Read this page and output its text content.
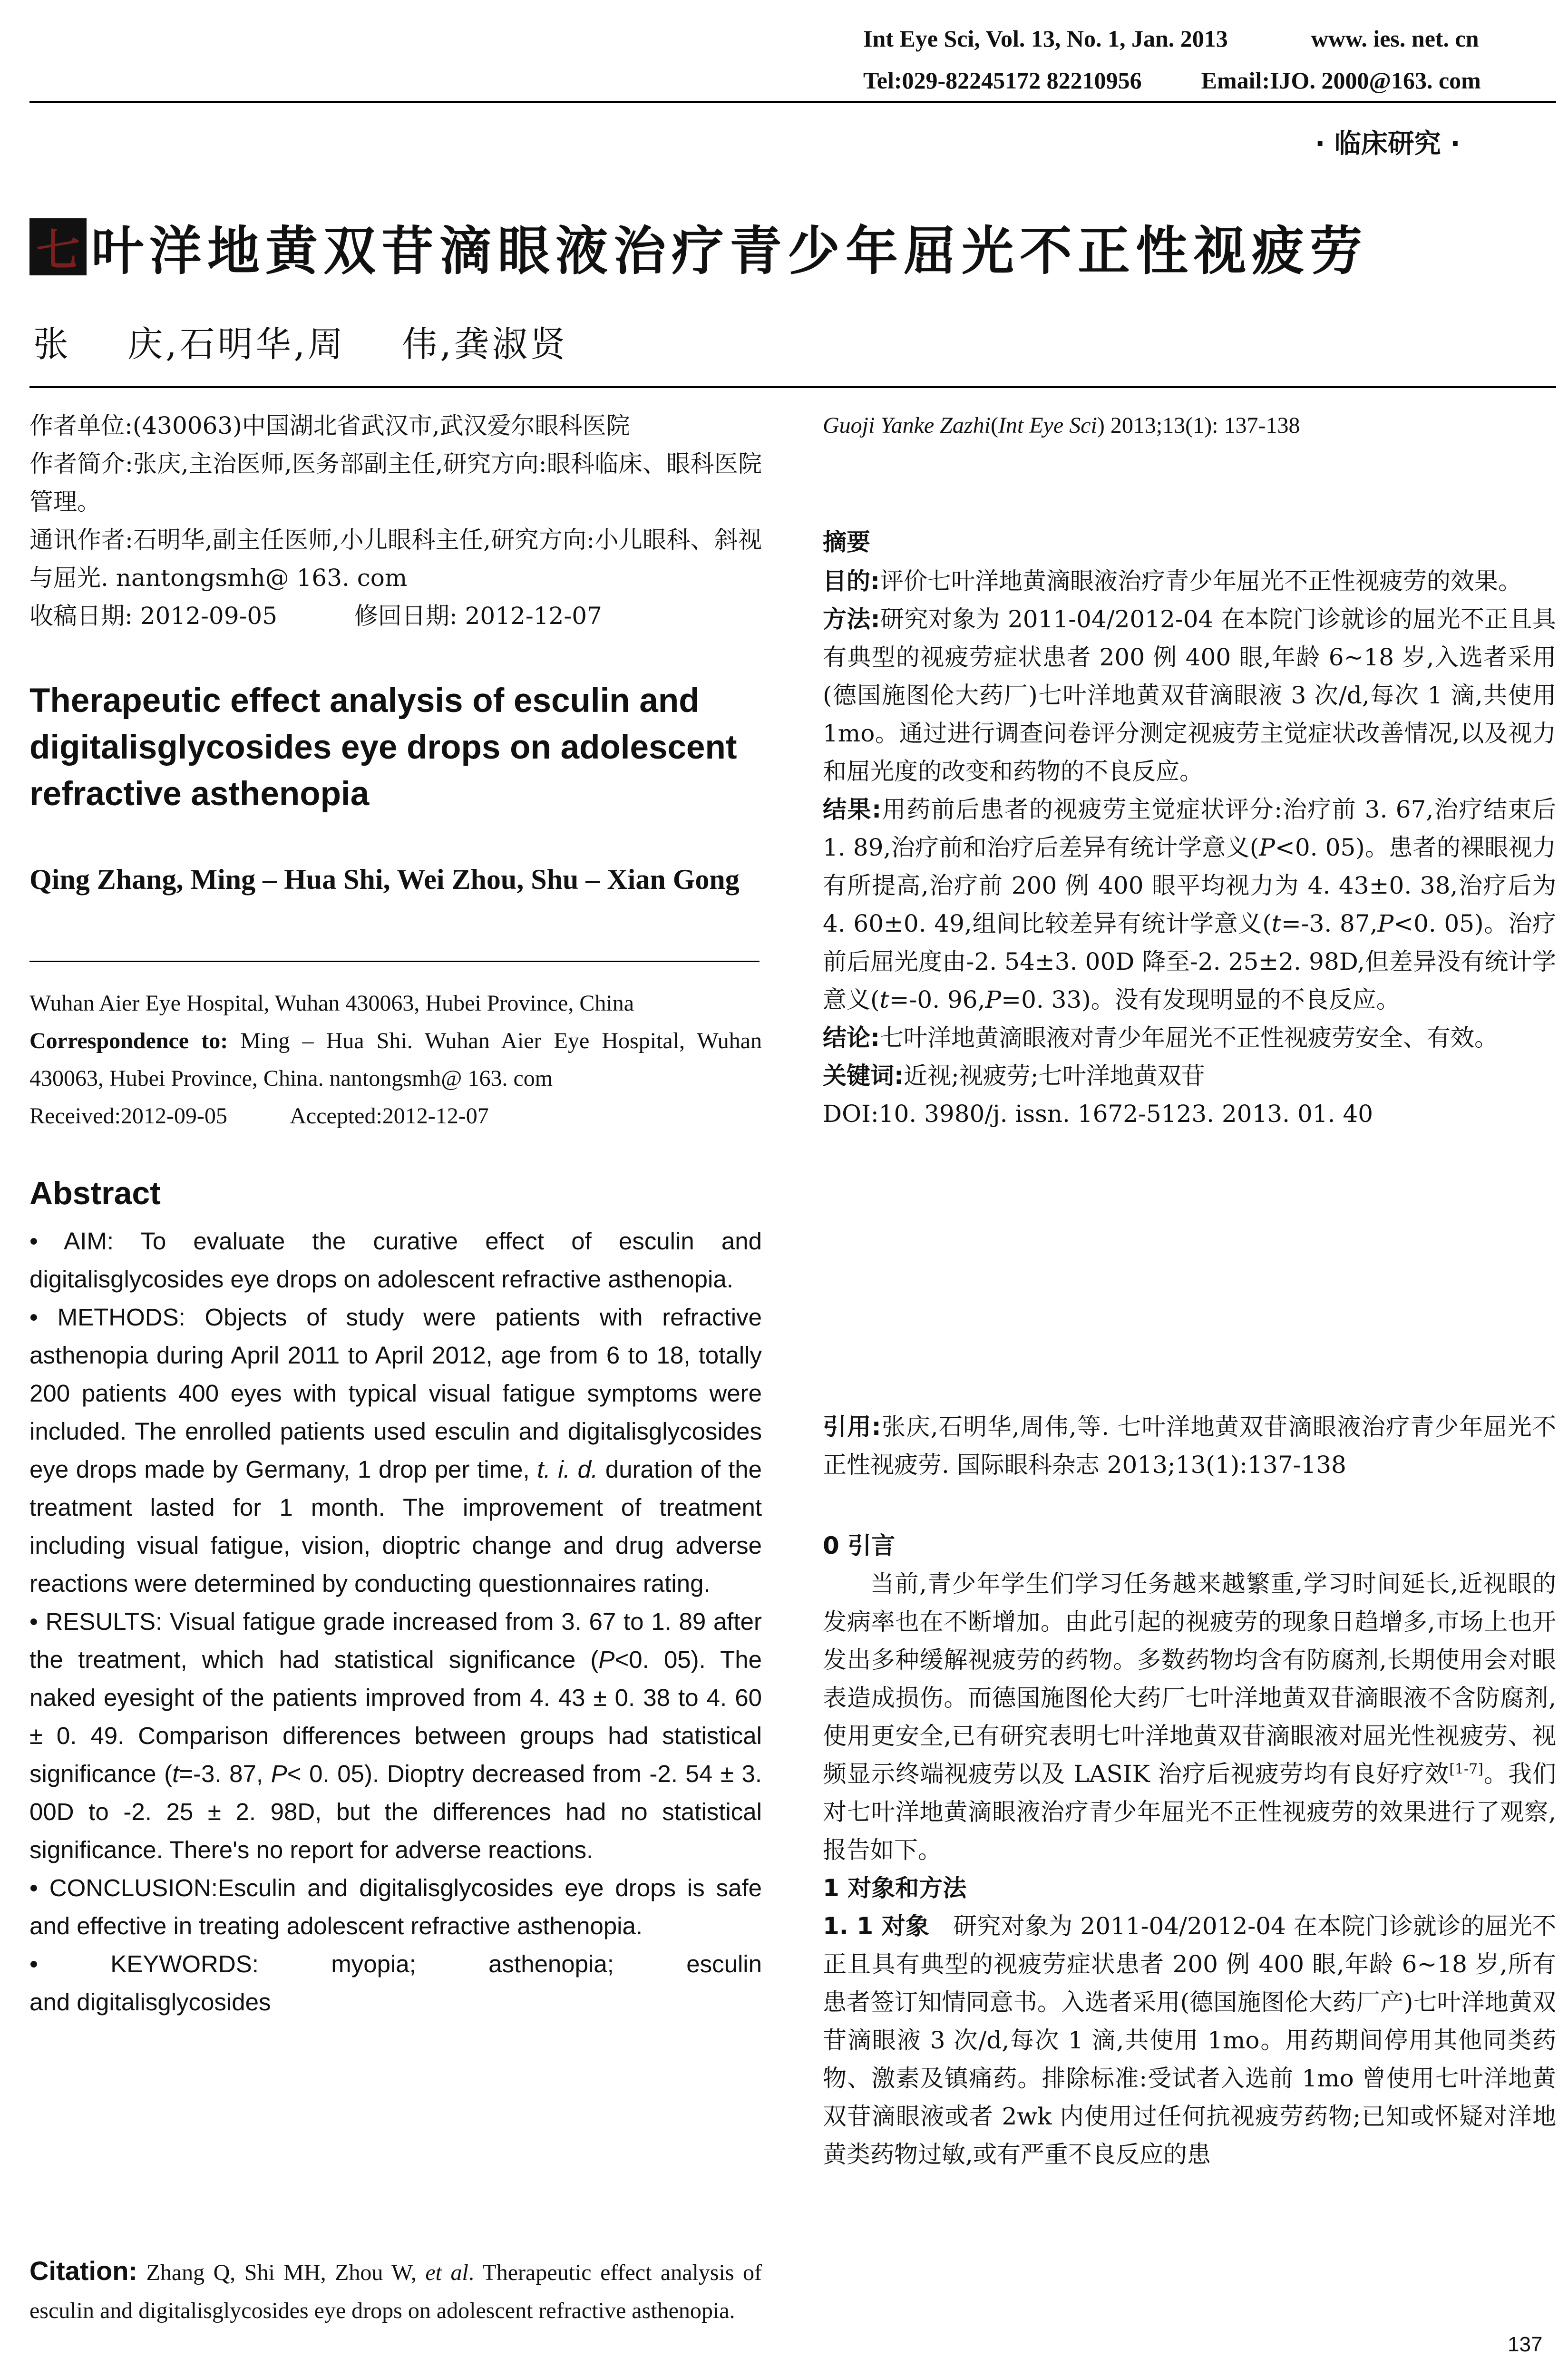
Int Eye Sci, Vol. 13, No. 1, Jan. 2013	www. ies. net. cn
Tel:029-82245172 82210956	Email:IJO. 2000@163. com
· 临床研究 ·
七 叶洋地黄双苷滴眼液治疗青少年屈光不正性视疲劳
张    庆,石明华,周    伟,龚淑贤

作者单位:(430063)中国湖北省武汉市,武汉爱尔眼科医院

作者简介:张庆,主治医师,医务部副主任,研究方向:眼科临床、眼科医院管理。

通讯作者:石明华,副主任医师,小儿眼科主任,研究方向:小儿眼科、斜视与屈光. nantongsmh@ 163. com

收稿日期: 2012-09-05	修回日期: 2012-12-07

Therapeutic effect analysis of esculin and digitalisglycosides eye drops on adolescent refractive asthenopia
Qing Zhang, Ming – Hua Shi, Wei Zhou, Shu – Xian Gong

Wuhan Aier Eye Hospital, Wuhan 430063, Hubei Province, China

Correspondence to: Ming – Hua Shi. Wuhan Aier Eye Hospital, Wuhan 430063, Hubei Province, China. nantongsmh@ 163. com

Received:2012-09-05	Accepted:2012-12-07

Abstract

• AIM: To evaluate the curative effect of esculin and digitalisglycosides eye drops on adolescent refractive asthenopia.

• METHODS: Objects of study were patients with refractive asthenopia during April 2011 to April 2012, age from 6 to 18, totally 200 patients 400 eyes with typical visual fatigue symptoms were included. The enrolled patients used esculin and digitalisglycosides eye drops made by Germany, 1 drop per time, t. i. d. duration of the treatment lasted for 1 month. The improvement of treatment including visual fatigue, vision, dioptric change and drug adverse reactions were determined by conducting questionnaires rating.

• RESULTS: Visual fatigue grade increased from 3. 67 to 1. 89 after the treatment, which had statistical significance (P<0. 05). The naked eyesight of the patients improved from 4. 43 ± 0. 38 to 4. 60 ± 0. 49. Comparison differences between groups had statistical significance (t=-3. 87, P< 0. 05). Dioptry decreased from -2. 54 ± 3. 00D to -2. 25 ± 2. 98D, but the differences had no statistical significance. There's no report for adverse reactions.

• CONCLUSION:Esculin and digitalisglycosides eye drops is safe and effective in treating adolescent refractive asthenopia.

•	KEYWORDS:	myopia;	asthenopia;	esculin

and digitalisglycosides

Citation: Zhang Q, Shi MH, Zhou W, et al. Therapeutic effect analysis of esculin and digitalisglycosides eye drops on adolescent refractive asthenopia.
Guoji Yanke Zazhi(Int Eye Sci) 2013;13(1): 137-138

摘要

目的:评价七叶洋地黄滴眼液治疗青少年屈光不正性视疲劳的效果。

方法:研究对象为 2011-04/2012-04 在本院门诊就诊的屈光不正且具有典型的视疲劳症状患者 200 例 400 眼,年龄 6~18 岁,入选者采用(德国施图伦大药厂)七叶洋地黄双苷滴眼液 3 次/d,每次 1 滴,共使用 1mo。通过进行调查问卷评分测定视疲劳主觉症状改善情况,以及视力和屈光度的改变和药物的不良反应。

结果:用药前后患者的视疲劳主觉症状评分:治疗前 3. 67,治疗结束后 1. 89,治疗前和治疗后差异有统计学意义(P<0. 05)。患者的裸眼视力有所提高,治疗前 200 例 400 眼平均视力为 4. 43±0. 38,治疗后为 4. 60±0. 49,组间比较差异有统计学意义(t=-3. 87,P<0. 05)。治疗前后屈光度由-2. 54±3. 00D 降至-2. 25±2. 98D,但差异没有统计学意义(t=-0. 96,P=0. 33)。没有发现明显的不良反应。

结论:七叶洋地黄滴眼液对青少年屈光不正性视疲劳安全、有效。

关键词:近视;视疲劳;七叶洋地黄双苷

DOI:10. 3980/j. issn. 1672-5123. 2013. 01. 40

引用:张庆,石明华,周伟,等. 七叶洋地黄双苷滴眼液治疗青少年屈光不正性视疲劳. 国际眼科杂志 2013;13(1):137-138

0 引言

当前,青少年学生们学习任务越来越繁重,学习时间延长,近视眼的发病率也在不断增加。由此引起的视疲劳的现象日趋增多,市场上也开发出多种缓解视疲劳的药物。多数药物均含有防腐剂,长期使用会对眼表造成损伤。而德国施图伦大药厂七叶洋地黄双苷滴眼液不含防腐剂,使用更安全,已有研究表明七叶洋地黄双苷滴眼液对屈光性视疲劳、视频显示终端视疲劳以及 LASIK 治疗后视疲劳均有良好疗效[1-7]。我们对七叶洋地黄滴眼液治疗青少年屈光不正性视疲劳的效果进行了观察,报告如下。

1 对象和方法

1. 1 对象 研究对象为 2011-04/2012-04 在本院门诊就诊的屈光不正且具有典型的视疲劳症状患者 200 例 400 眼,年龄 6~18 岁,所有患者签订知情同意书。入选者采用(德国施图伦大药厂产)七叶洋地黄双苷滴眼液 3 次/d,每次 1 滴,共使用 1mo。用药期间停用其他同类药物、激素及镇痛药。排除标准:受试者入选前 1mo 曾使用七叶洋地黄双苷滴眼液或者 2wk 内使用过任何抗视疲劳药物;已知或怀疑对洋地黄类药物过敏,或有严重不良反应的患

137
